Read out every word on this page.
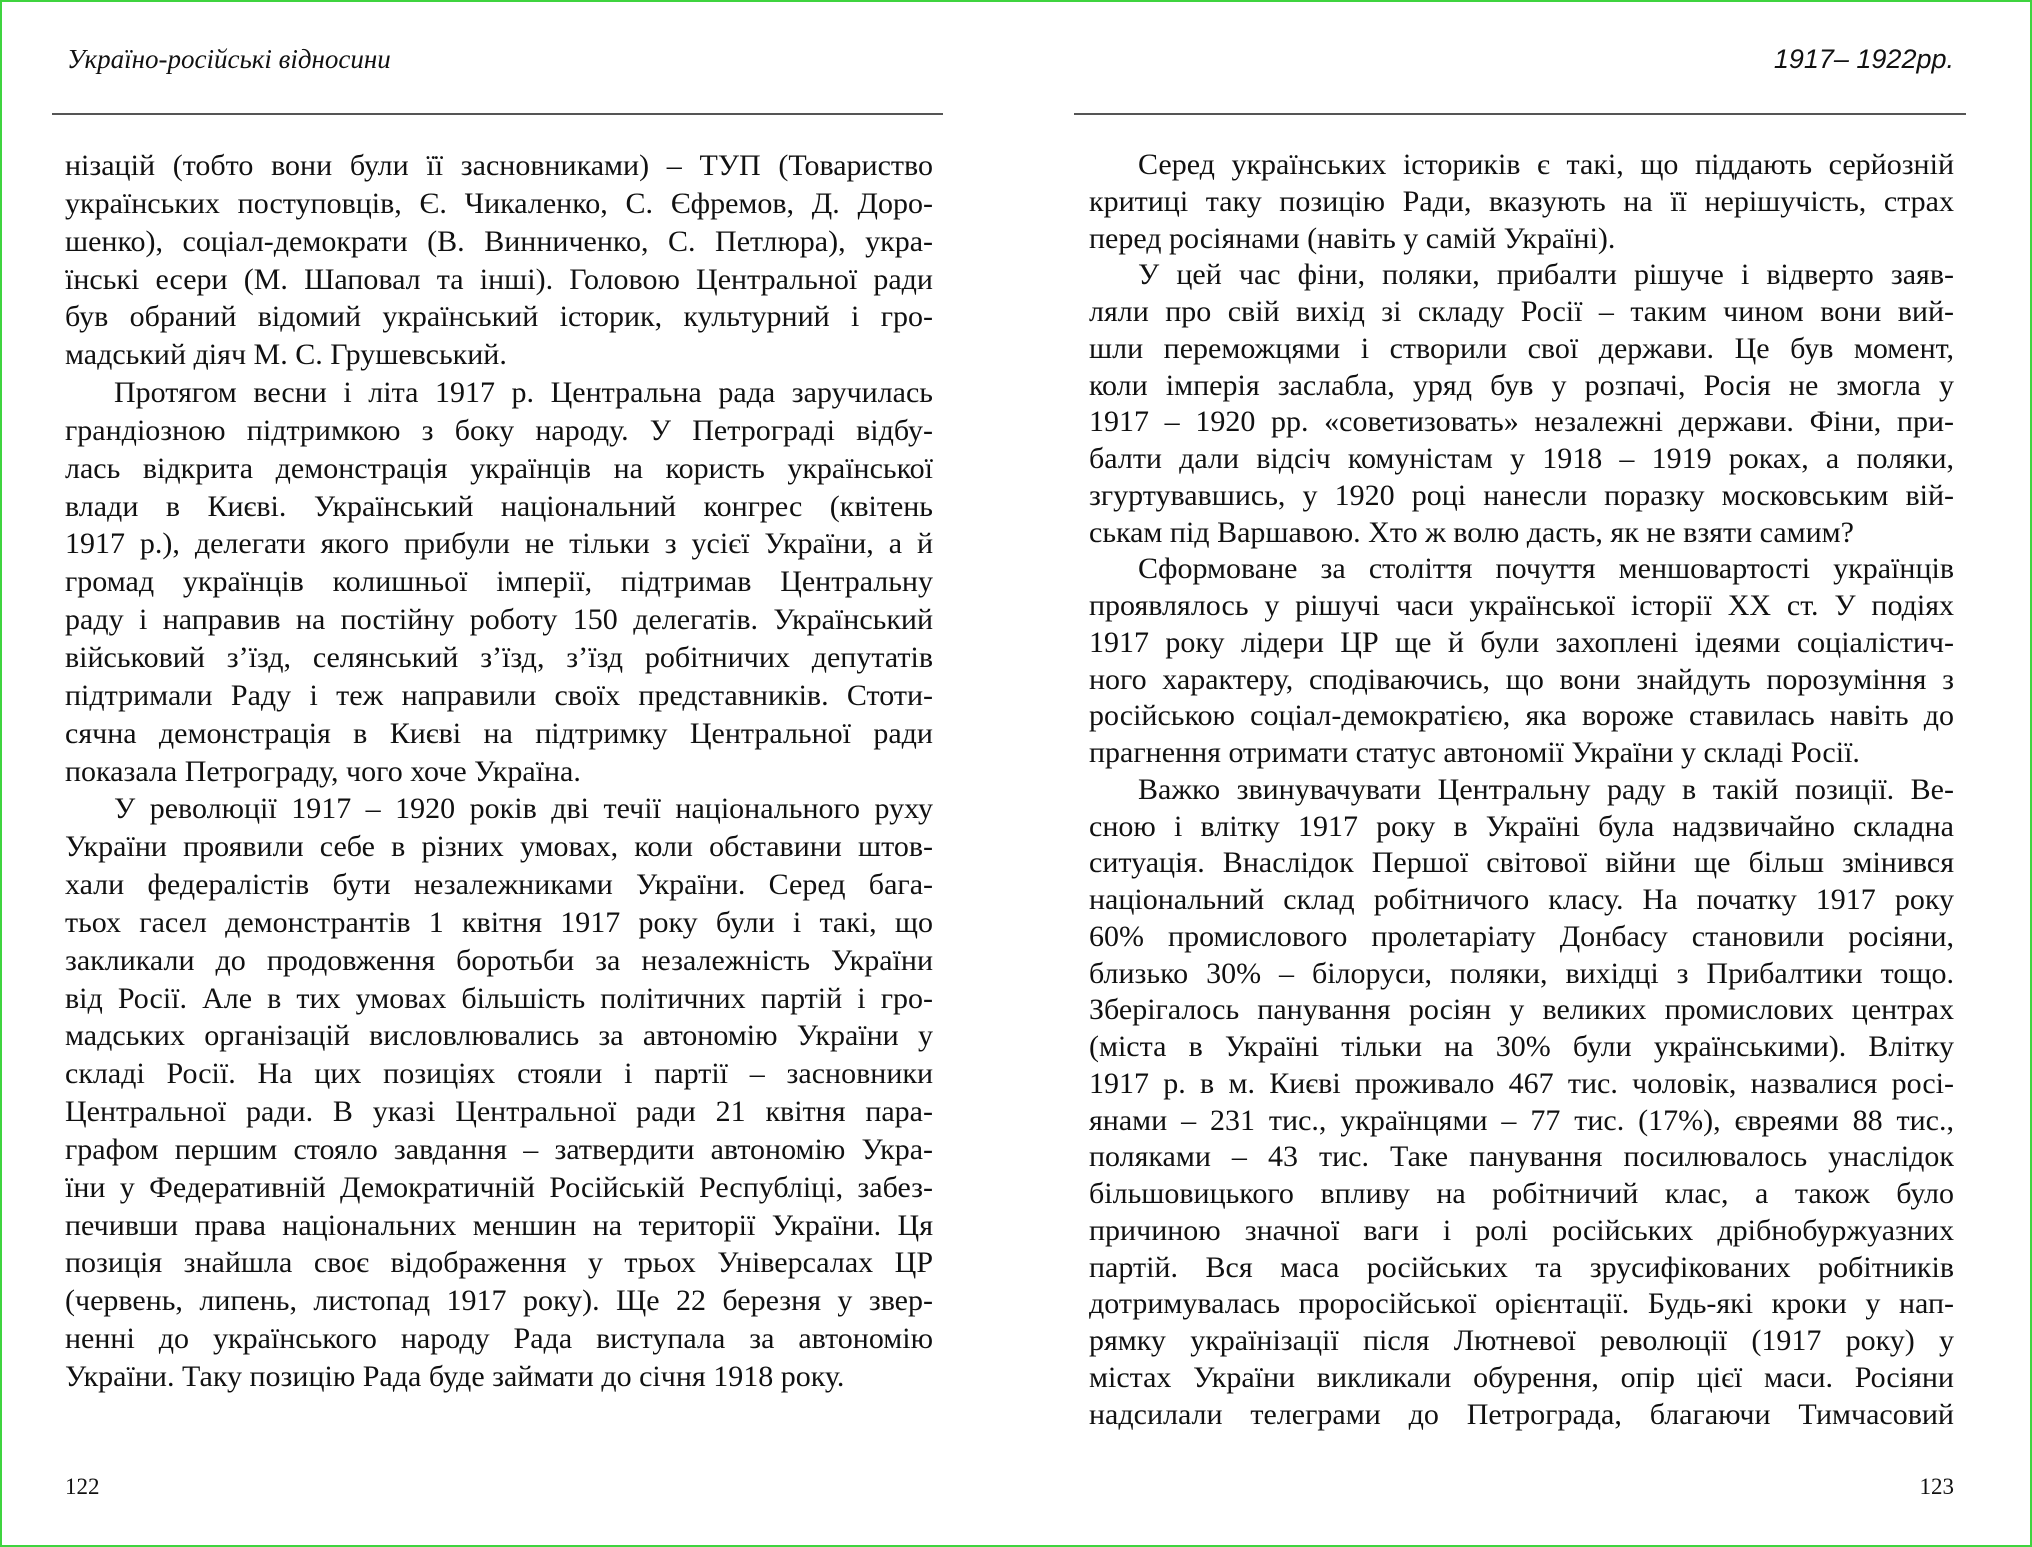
Україно-російські відносини	1917– 1922рр.
нізацій (тобто вони були її засновниками) – ТУП (Товариство
українських поступовців, Є. Чикаленко, С. Єфремов, Д. Доро-
шенко), соціал-демократи (В. Винниченко, С. Петлюра), укра-
їнські есери (М. Шаповал та інші). Головою Центральної ради
був обраний відомий український історик, культурний і гро-
мадський діяч М. С. Грушевський.
Протягом весни і літа 1917 р. Центральна рада заручилась
грандіозною підтримкою з боку народу. У Петрограді відбу-
лась відкрита демонстрація українців на користь української
влади в Києві. Український національний конгрес (квітень
1917 р.), делегати якого прибули не тільки з усієї України, а й
громад українців колишньої імперії, підтримав Центральну
раду і направив на постійну роботу 150 делегатів. Український
військовий з’їзд, селянський з’їзд, з’їзд робітничих депутатів
підтримали Раду і теж направили своїх представників. Стоти-
сячна демонстрація в Києві на підтримку Центральної ради
показала Петрограду, чого хоче Україна.
У революції 1917 – 1920 років дві течії національного руху
України проявили себе в різних умовах, коли обставини штов-
хали федералістів бути незалежниками України. Серед бага-
тьох гасел демонстрантів 1 квітня 1917 року були і такі, що
закликали до продовження боротьби за незалежність України
від Росії. Але в тих умовах більшість політичних партій і гро-
мадських організацій висловлювались за автономію України у
складі Росії. На цих позиціях стояли і партії – засновники
Центральної ради. В указі Центральної ради 21 квітня пара-
графом першим стояло завдання – затвердити автономію Укра-
їни у Федеративній Демократичній Російській Республіці, забез-
печивши права національних меншин на території України. Ця
позиція знайшла своє відображення у трьох Універсалах ЦР
(червень, липень, листопад 1917 року). Ще 22 березня у звер-
ненні до українського народу Рада виступала за автономію
України. Таку позицію Рада буде займати до січня 1918 року.
Серед українських істориків є такі, що піддають серйозній
критиці таку позицію Ради, вказують на її нерішучість, страх
перед росіянами (навіть у самій Україні).
У цей час фіни, поляки, прибалти рішуче і відверто заяв-
ляли про свій вихід зі складу Росії – таким чином вони вий-
шли переможцями і створили свої держави. Це був момент,
коли імперія заслабла, уряд був у розпачі, Росія не змогла у
1917 – 1920 рр. «советизовать» незалежні держави. Фіни, при-
балти дали відсіч комуністам у 1918 – 1919 роках, а поляки,
згуртувавшись, у 1920 році нанесли поразку московським вій-
ськам під Варшавою. Хто ж волю дасть, як не взяти самим?
Сформоване за століття почуття меншовартості українців
проявлялось у рішучі часи української історії XX ст. У подіях
1917 року лідери ЦР ще й були захоплені ідеями соціалістич-
ного характеру, сподіваючись, що вони знайдуть порозуміння з
російською соціал-демократією, яка вороже ставилась навіть до
прагнення отримати статус автономії України у складі Росії.
Важко звинувачувати Центральну раду в такій позиції. Ве-
сною і влітку 1917 року в Україні була надзвичайно складна
ситуація. Внаслідок Першої світової війни ще більш змінився
національний склад робітничого класу. На початку 1917 року
60% промислового пролетаріату Донбасу становили росіяни,
близько 30% – білоруси, поляки, вихідці з Прибалтики тощо.
Зберігалось панування росіян у великих промислових центрах
(міста в Україні тільки на 30% були українськими). Влітку
1917 р. в м. Києві проживало 467 тис. чоловік, назвалися росі-
янами – 231 тис., українцями – 77 тис. (17%), євреями 88 тис.,
поляками – 43 тис. Таке панування посилювалось унаслідок
більшовицького впливу на робітничий клас, а також було
причиною значної ваги і ролі російських дрібнобуржуазних
партій. Вся маса російських та зрусифікованих робітників
дотримувалась проросійської орієнтації. Будь-які кроки у нап-
рямку українізації після Лютневої революції (1917 року) у
містах України викликали обурення, опір цієї маси. Росіяни
надсилали телеграми до Петрограда, благаючи Тимчасовий
122	123
